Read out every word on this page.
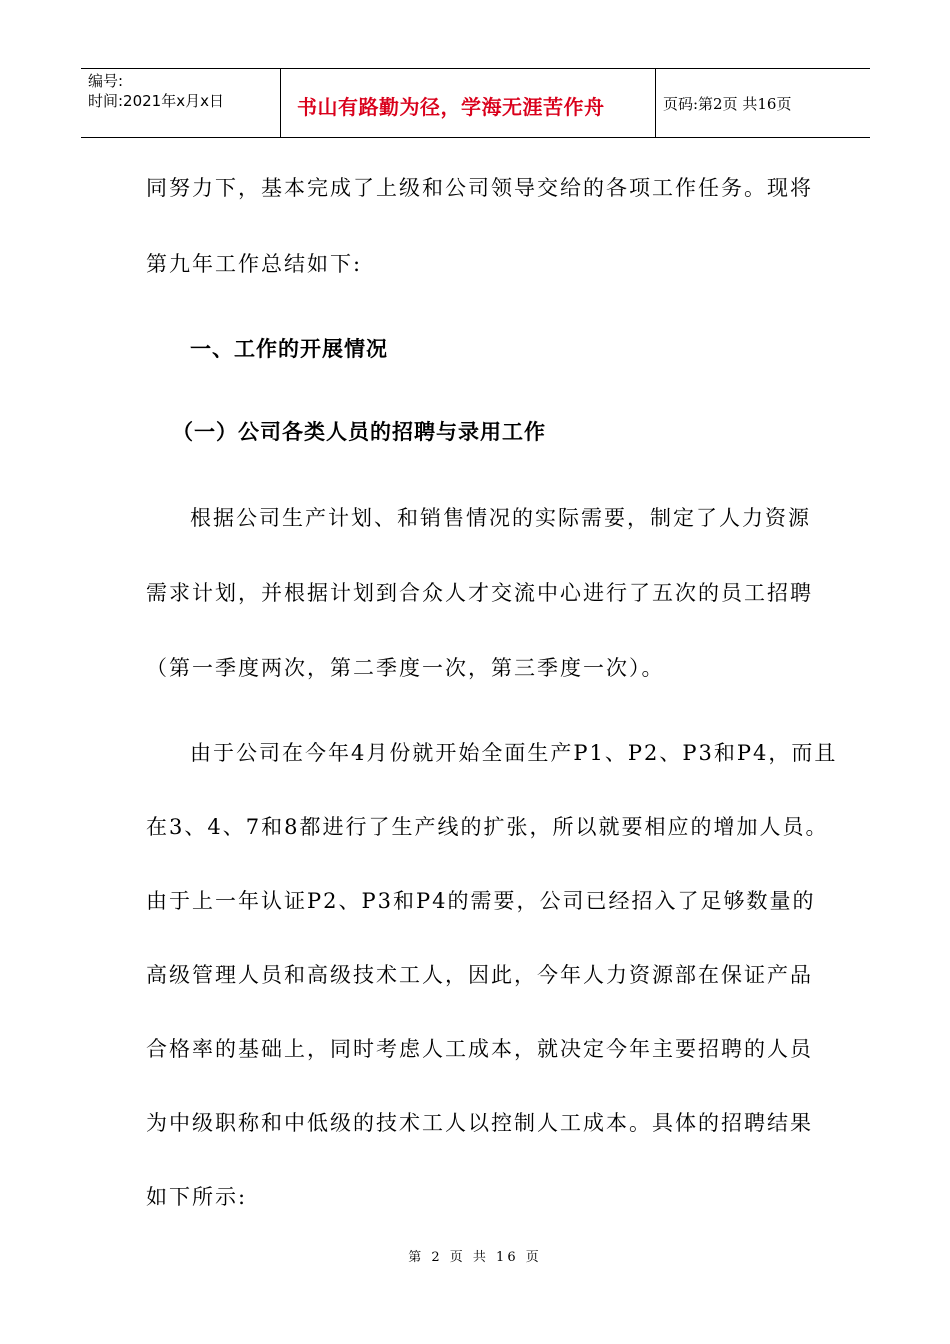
编号:
时间:2021年x月x日	书山有路勤为径，学海无涯苦作舟	页码:第2页 共16页
同努力下，基本完成了上级和公司领导交给的各项工作任务。现将
第九年工作总结如下:
一、工作的开展情况
（一）公司各类人员的招聘与录用工作
根据公司生产计划、和销售情况的实际需要，制定了人力资源
需求计划，并根据计划到合众人才交流中心进行了五次的员工招聘
（第一季度两次，第二季度一次，第三季度一次）。
由于公司在今年4月份就开始全面生产P1、P2、P3和P4，而且
在3、4、7和8都进行了生产线的扩张，所以就要相应的增加人员。
由于上一年认证P2、P3和P4的需要，公司已经招入了足够数量的
高级管理人员和高级技术工人，因此，今年人力资源部在保证产品
合格率的基础上，同时考虑人工成本，就决定今年主要招聘的人员
为中级职称和中低级的技术工人以控制人工成本。具体的招聘结果
如下所示:
第 2 页 共 16 页
